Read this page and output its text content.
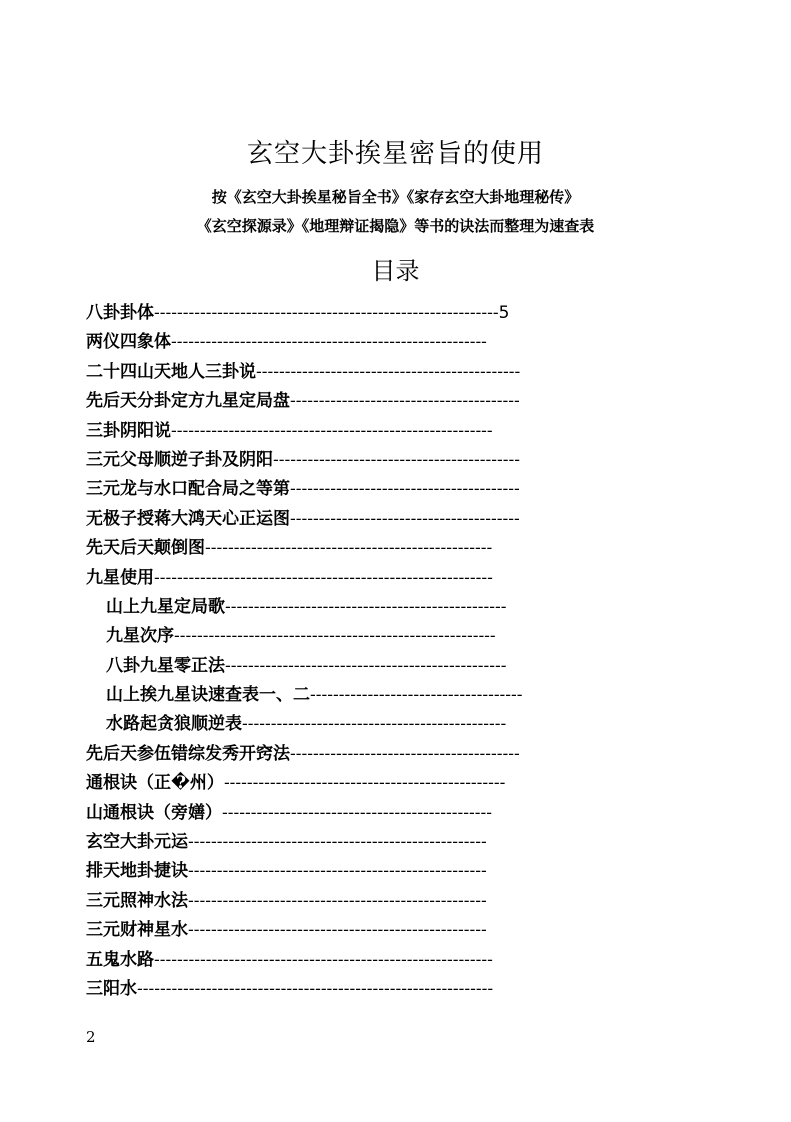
玄空大卦挨星密旨的使用
按《玄空大卦挨星秘旨全书》《家存玄空大卦地理秘传》
《玄空探源录》《地理辩证揭隐》等书的诀法而整理为速查表
目录
八卦卦体------------------------------------------------------------5
两仪四象体-------------------------------------------------------
二十四山天地人三卦说----------------------------------------------
先后天分卦定方九星定局盘----------------------------------------
三卦阴阳说--------------------------------------------------------
三元父母顺逆子卦及阴阳-------------------------------------------
三元龙与水口配合局之等第----------------------------------------
无极子授蒋大鸿天心正运图----------------------------------------
先天后天颠倒图--------------------------------------------------
九星使用-----------------------------------------------------------
山上九星定局歌-------------------------------------------------
九星次序--------------------------------------------------------
八卦九星零正法-------------------------------------------------
山上挨九星诀速查表一、二-------------------------------------
水路起贪狼顺逆表----------------------------------------------
先后天参伍错综发秀开窍法----------------------------------------
通根诀（正�州）-------------------------------------------------
山通根诀（旁嫸）-----------------------------------------------
玄空大卦元运----------------------------------------------------
排天地卦捷诀----------------------------------------------------
三元照神水法----------------------------------------------------
三元财神星水----------------------------------------------------
五鬼水路-----------------------------------------------------------
三阳水--------------------------------------------------------------
2
